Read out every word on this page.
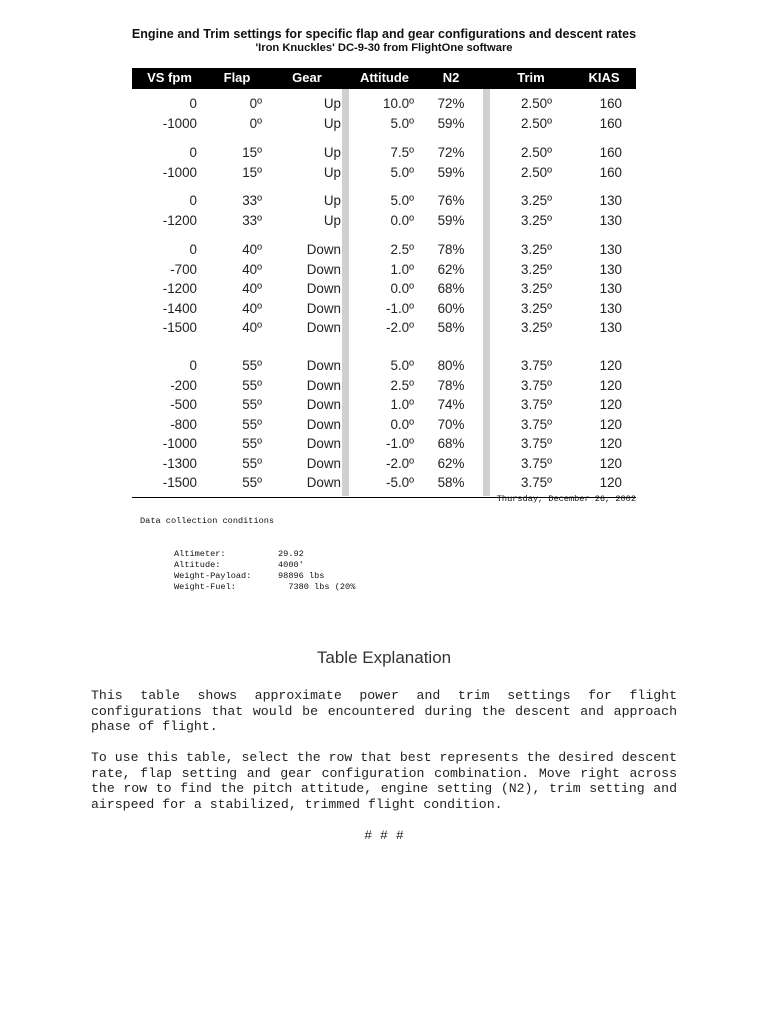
Engine and Trim settings for specific flap and gear configurations and descent rates
'Iron Knuckles' DC-9-30 from FlightOne software
VS fpm	Flap	Gear	Attitude	N2	Trim	KIAS
0	0º	Up	10.0º	72%	2.50º	160
-1000	0º	Up	5.0º	59%	2.50º	160
0	15º	Up	7.5º	72%	2.50º	160
-1000	15º	Up	5.0º	59%	2.50º	160
0	33º	Up	5.0º	76%	3.25º	130
-1200	33º	Up	0.0º	59%	3.25º	130
0	40º	Down	2.5º	78%	3.25º	130
-700	40º	Down	1.0º	62%	3.25º	130
-1200	40º	Down	0.0º	68%	3.25º	130
-1400	40º	Down	-1.0º	60%	3.25º	130
-1500	40º	Down	-2.0º	58%	3.25º	130
0	55º	Down	5.0º	80%	3.75º	120
-200	55º	Down	2.5º	78%	3.75º	120
-500	55º	Down	1.0º	74%	3.75º	120
-800	55º	Down	0.0º	70%	3.75º	120
-1000	55º	Down	-1.0º	68%	3.75º	120
-1300	55º	Down	-2.0º	62%	3.75º	120
-1500	55º	Down	-5.0º	58%	3.75º	120

Data collection conditions

Altimeter:	29.92
Altitude:	4000'
Weight-Payload:	98896 lbs
Weight-Fuel:	7380 lbs (20%

Thursday, December 26, 2002
Table Explanation
This table shows approximate power and trim settings for flight configurations that would be encountered during the descent and approach phase of flight.
To use this table, select the row that best represents the desired descent rate, flap setting and gear configuration combination. Move right across the row to find the pitch attitude, engine setting (N2), trim setting and airspeed for a stabilized, trimmed flight condition.
# # #
